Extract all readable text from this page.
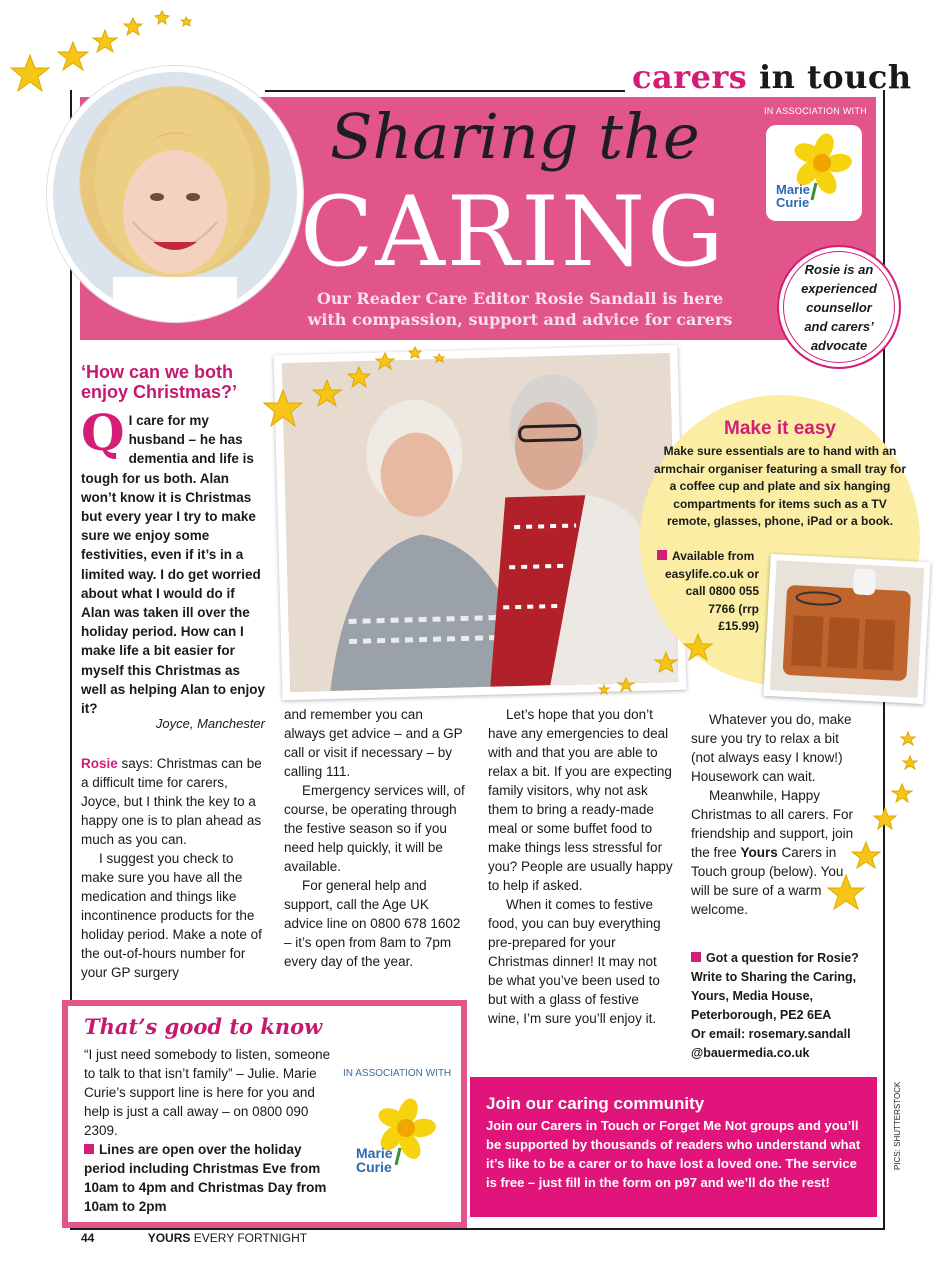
carers in touch
Sharing the
CARING
Our Reader Care Editor Rosie Sandall is here
with compassion, support and advice for carers
IN ASSOCIATION WITH
Marie
Curie
Rosie is an
experienced
counsellor
and carers’
advocate
‘How can we both enjoy Christmas?’
Q I care for my husband – he has dementia and life is tough for us both. Alan won’t know it is Christmas but every year I try to make sure we enjoy some festivities, even if it’s in a limited way. I do get worried about what I would do if Alan was taken ill over the holiday period. How can I make life a bit easier for myself this Christmas as well as helping Alan to enjoy it?
Joyce, Manchester
Make it easy
Make sure essentials are to hand with an armchair organiser featuring a small tray for a coffee cup and plate and six hanging compartments for items such as a TV remote, glasses, phone, iPad or a book.
Available from
easylife.co.uk or
call 0800 055
7766 (rrp
£15.99)

Rosie says: Christmas can be a difficult time for carers, Joyce, but I think the key to a happy one is to plan ahead as much as you can.

I suggest you check to make sure you have all the medication and things like incontinence products for the holiday period. Make a note of the out-of-hours number for your GP surgery

and remember you can always get advice – and a GP call or visit if necessary – by calling 111.

Emergency services will, of course, be operating through the festive season so if you need help quickly, it will be available.

For general help and support, call the Age UK advice line on 0800 678 1602 – it’s open from 8am to 7pm every day of the year.

Let’s hope that you don’t have any emergencies to deal with and that you are able to relax a bit. If you are expecting family visitors, why not ask them to bring a ready-made meal or some buffet food to make things less stressful for you? People are usually happy to help if asked.

When it comes to festive food, you can buy everything pre-prepared for your Christmas dinner! It may not be what you’ve been used to but with a glass of festive wine, I’m sure you’ll enjoy it.

Whatever you do, make sure you try to relax a bit (not always easy I know!) Housework can wait.

Meanwhile, Happy Christmas to all carers. For friendship and support, join the free Yours Carers in Touch group (below). You will be sure of a warm welcome.

Got a question for Rosie?
Write to Sharing the Caring,
Yours, Media House,
Peterborough, PE2 6EA
Or email: rosemary.sandall
@bauermedia.co.uk
That’s good to know
“I just need somebody to listen, someone to talk to that isn’t family” – Julie. Marie Curie’s support line is here for you and help is just a call away – on 0800 090 2309.
Lines are open over the holiday period including Christmas Eve from 10am to 4pm and Christmas Day from 10am to 2pm
IN ASSOCIATION WITH
Marie
Curie
Join our caring community
Join our Carers in Touch or Forget Me Not groups and you’ll be supported by thousands of readers who understand what it’s like to be a carer or to have lost a loved one. The service is free – just fill in the form on p97 and we’ll do the rest!
PICS: SHUTTERSTOCK
44	YOURS EVERY FORTNIGHT
